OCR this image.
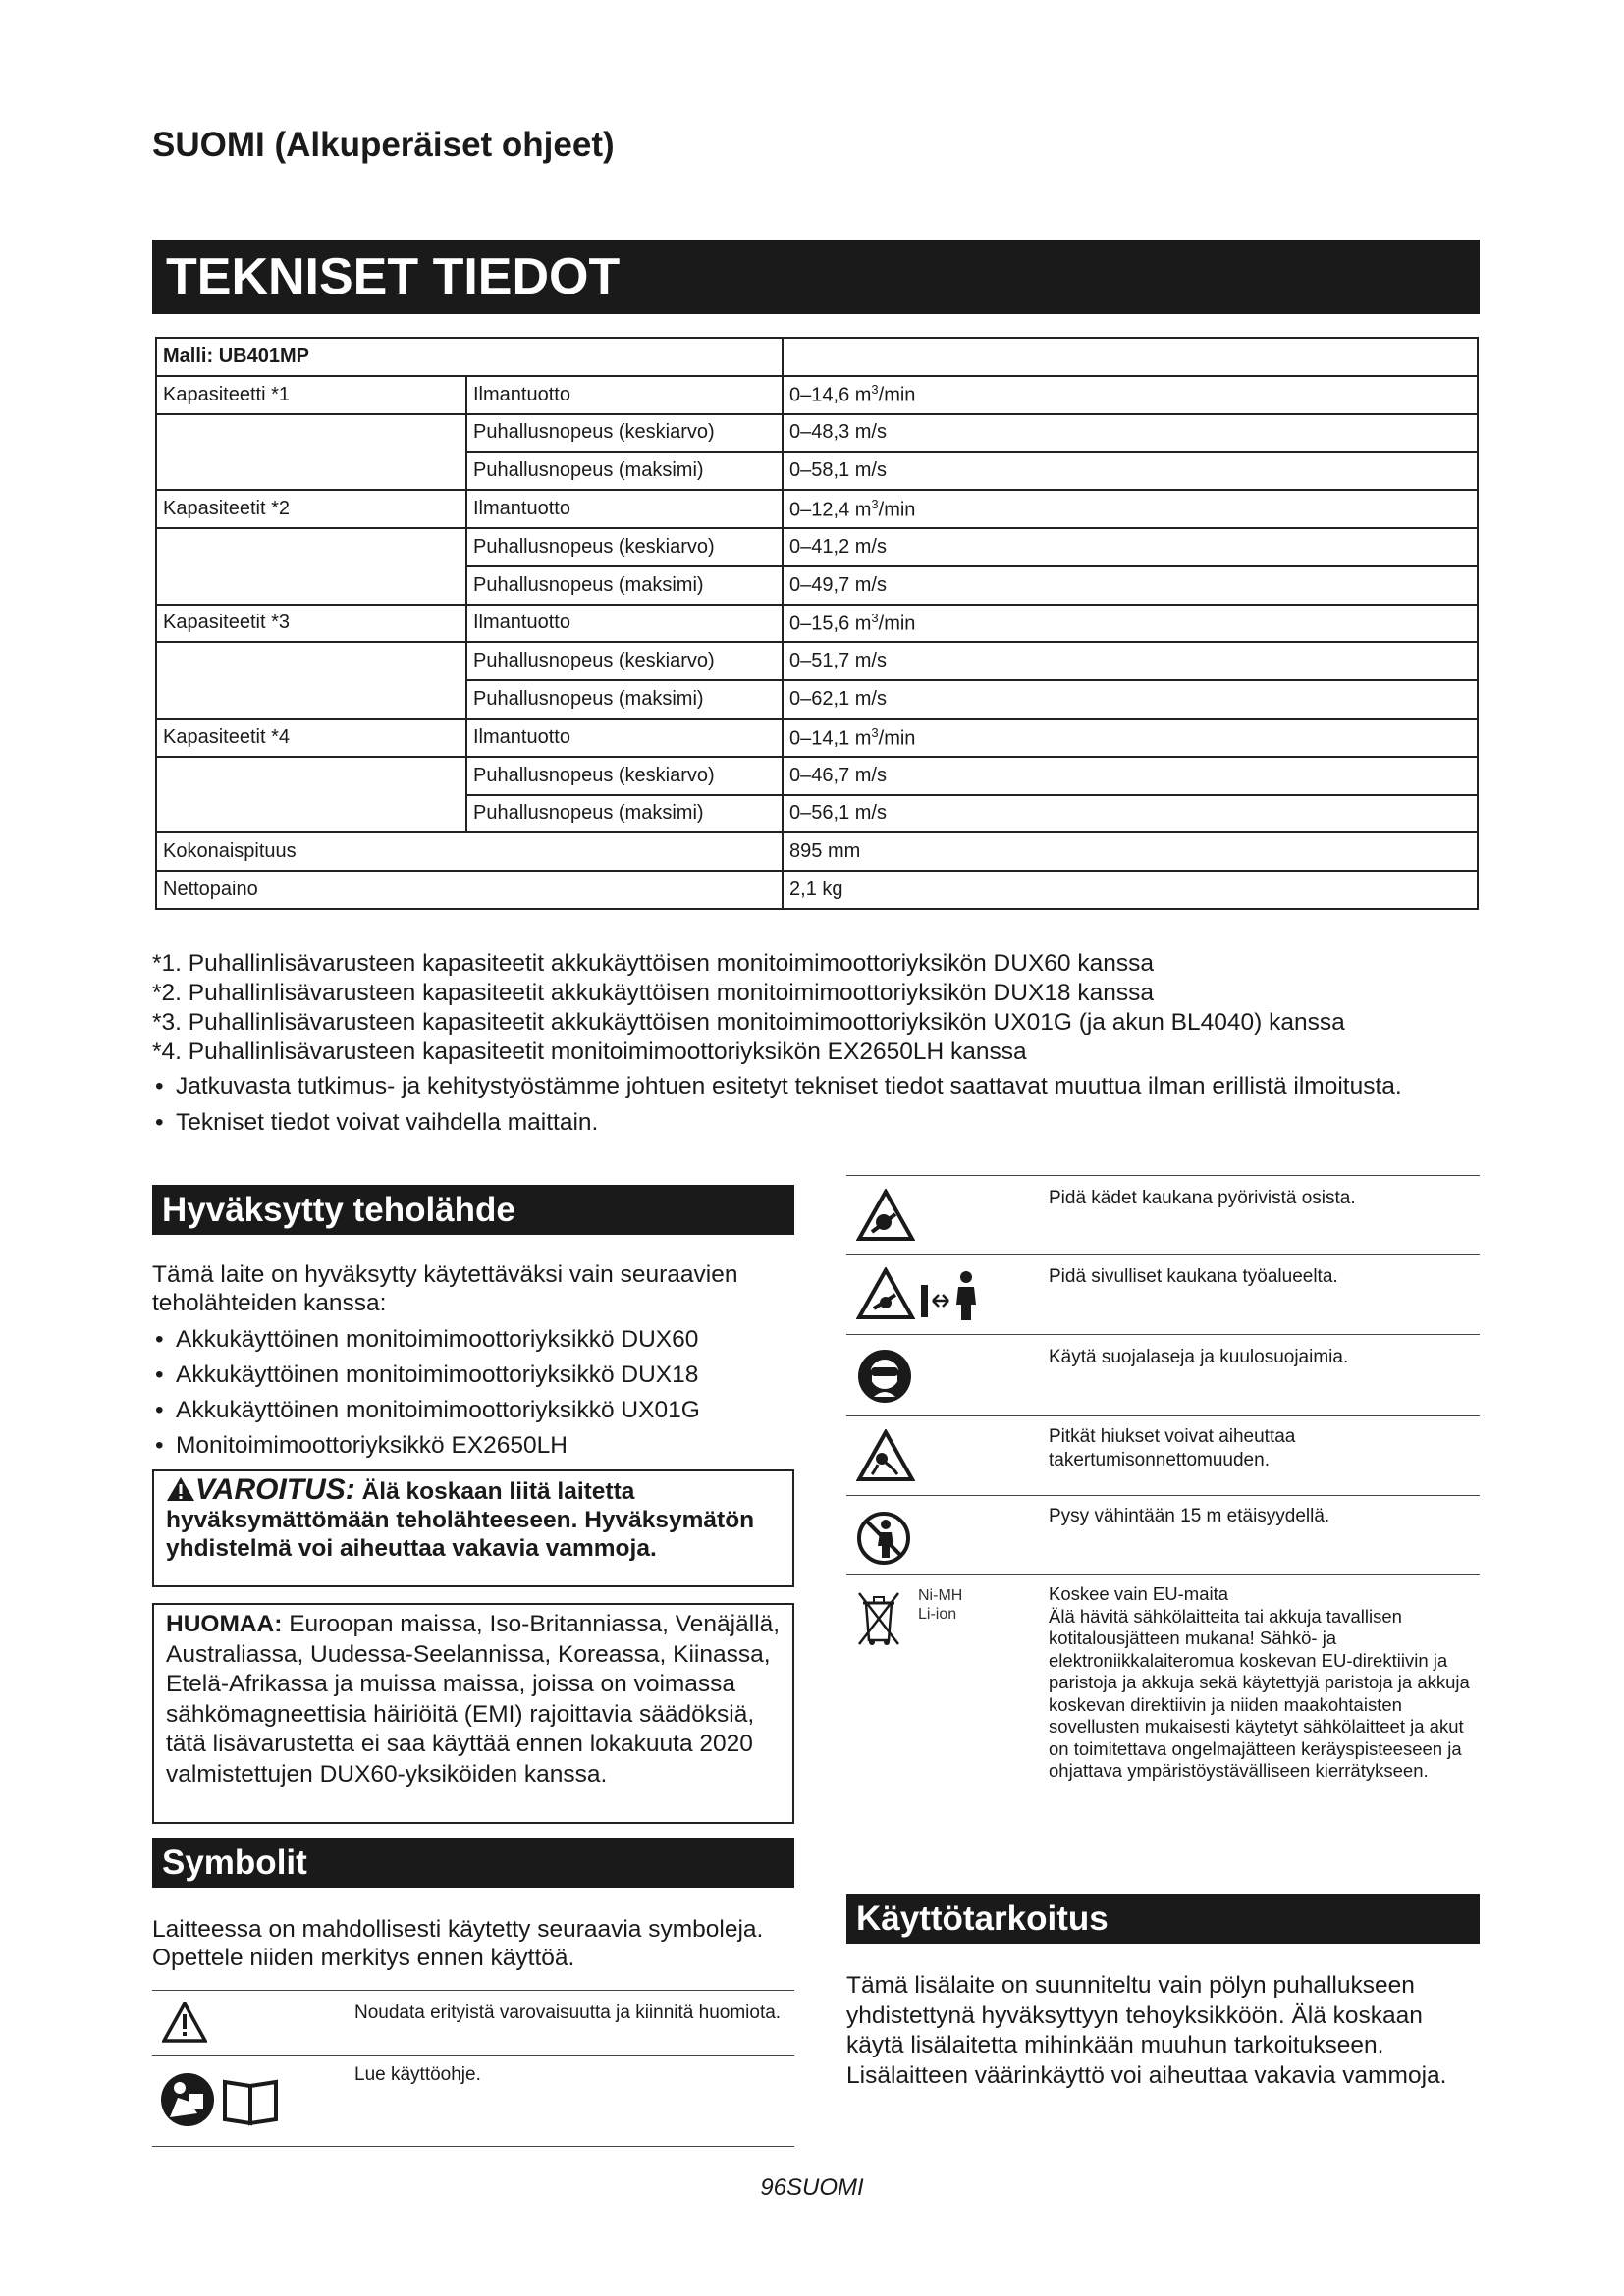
SUOMI (Alkuperäiset ohjeet)
TEKNISET TIEDOT
Malli: UB401MP		
Kapasiteetti *1	Ilmantuotto	0–14,6 $m^3/\min$
	Puhallusnopeus (keskiarvo)	0–48,3 m/s
	Puhallusnopeus (maksimi)	0–58,1 m/s
Kapasiteetit *2	Ilmantuotto	0–12,4 $m^3/\min$
	Puhallusnopeus (keskiarvo)	0–41,2 m/s
	Puhallusnopeus (maksimi)	0–49,7 m/s
Kapasiteetit *3	Ilmantuotto	0–15,6 $m^3/\min$
	Puhallusnopeus (keskiarvo)	0–51,7 m/s
	Puhallusnopeus (maksimi)	0–62,1 m/s
Kapasiteetit *4	Ilmantuotto	0–14,1 $m^3/\min$
	Puhallusnopeus (keskiarvo)	0–46,7 m/s
	Puhallusnopeus (maksimi)	0–56,1 m/s
Kokonaispituus		895 mm
Nettopaino		2,1 kg
*1. Puhallinlisävarusteen kapasiteetit akkukäyttöisen monitoimimoottoriyksikön DUX60 kanssa
*2. Puhallinlisävarusteen kapasiteetit akkukäyttöisen monitoimimoottoriyksikön DUX18 kanssa
*3. Puhallinlisävarusteen kapasiteetit akkukäyttöisen monitoimimoottoriyksikön UX01G (ja akun BL4040) kanssa
*4. Puhallinlisävarusteen kapasiteetit monitoimimoottoriyksikön EX2650LH kanssa
• Jatkuvasta tutkimus- ja kehitystyöstämme johtuen esitetyt tekniset tiedot saattavat muuttua ilman erillistä ilmoitusta.
• Tekniset tiedot voivat vaihdella maittain.
Hyväksytty teholähde
Tämä laite on hyväksytty käytettäväksi vain seuraavien teholähteiden kanssa:
• Akkukäyttöinen monitoimimoottoriyksikkö DUX60
• Akkukäyttöinen monitoimimoottoriyksikkö DUX18
• Akkukäyttöinen monitoimimoottoriyksikkö UX01G
• Monitoimimoottoriyksikkö EX2650LH
VAROITUS: Älä koskaan liitä laitetta hyväksymättömään teholähteeseen. Hyväksymätön yhdistelmä voi aiheuttaa vakavia vammoja.
HUOMAA: Euroopan maissa, Iso-Britanniassa, Venäjällä, Australiassa, Uudessa-Seelannissa, Koreassa, Kiinassa, Etelä-Afrikassa ja muissa maissa, joissa on voimassa sähkömagneettisia häiriöitä (EMI) rajoittavia säädöksiä, tätä lisävarustetta ei saa käyttää ennen lokakuuta 2020 valmistettujen DUX60-yksiköiden kanssa.
Symbolit
Laitteessa on mahdollisesti käytetty seuraavia symboleja. Opettele niiden merkitys ennen käyttöä.
Noudata erityistä varovaisuutta ja kiinnitä huomiota.
Lue käyttöohje.
Pidä kädet kaukana pyörivistä osista.
Pidä sivulliset kaukana työalueelta.
Käytä suojalaseja ja kuulosuojaimia.
Pitkät hiukset voivat aiheuttaa takertumisonnettomuuden.
Pysy vähintään 15 m etäisyydellä.
Ni-MH
Li-ion
Koskee vain EU-maita
Älä hävitä sähkölaitteita tai akkuja tavallisen kotitalousjätteen mukana! Sähkö- ja elektroniikkalaiteromua koskevan EU-direktiivin ja paristoja ja akkuja sekä käytettyjä paristoja ja akkuja koskevan direktiivin ja niiden maakohtaisten sovellusten mukaisesti käytetyt sähkölaitteet ja akut on toimitettava ongelmajätteen keräyspisteeseen ja ohjattava ympäristöystävälliseen kierrätykseen.
Käyttötarkoitus
Tämä lisälaite on suunniteltu vain pölyn puhallukseen yhdistettynä hyväksyttyyn tehoyksikköön. Älä koskaan käytä lisälaitetta mihinkään muuhun tarkoitukseen. Lisälaitteen väärinkäyttö voi aiheuttaa vakavia vammoja.
96SUOMI
